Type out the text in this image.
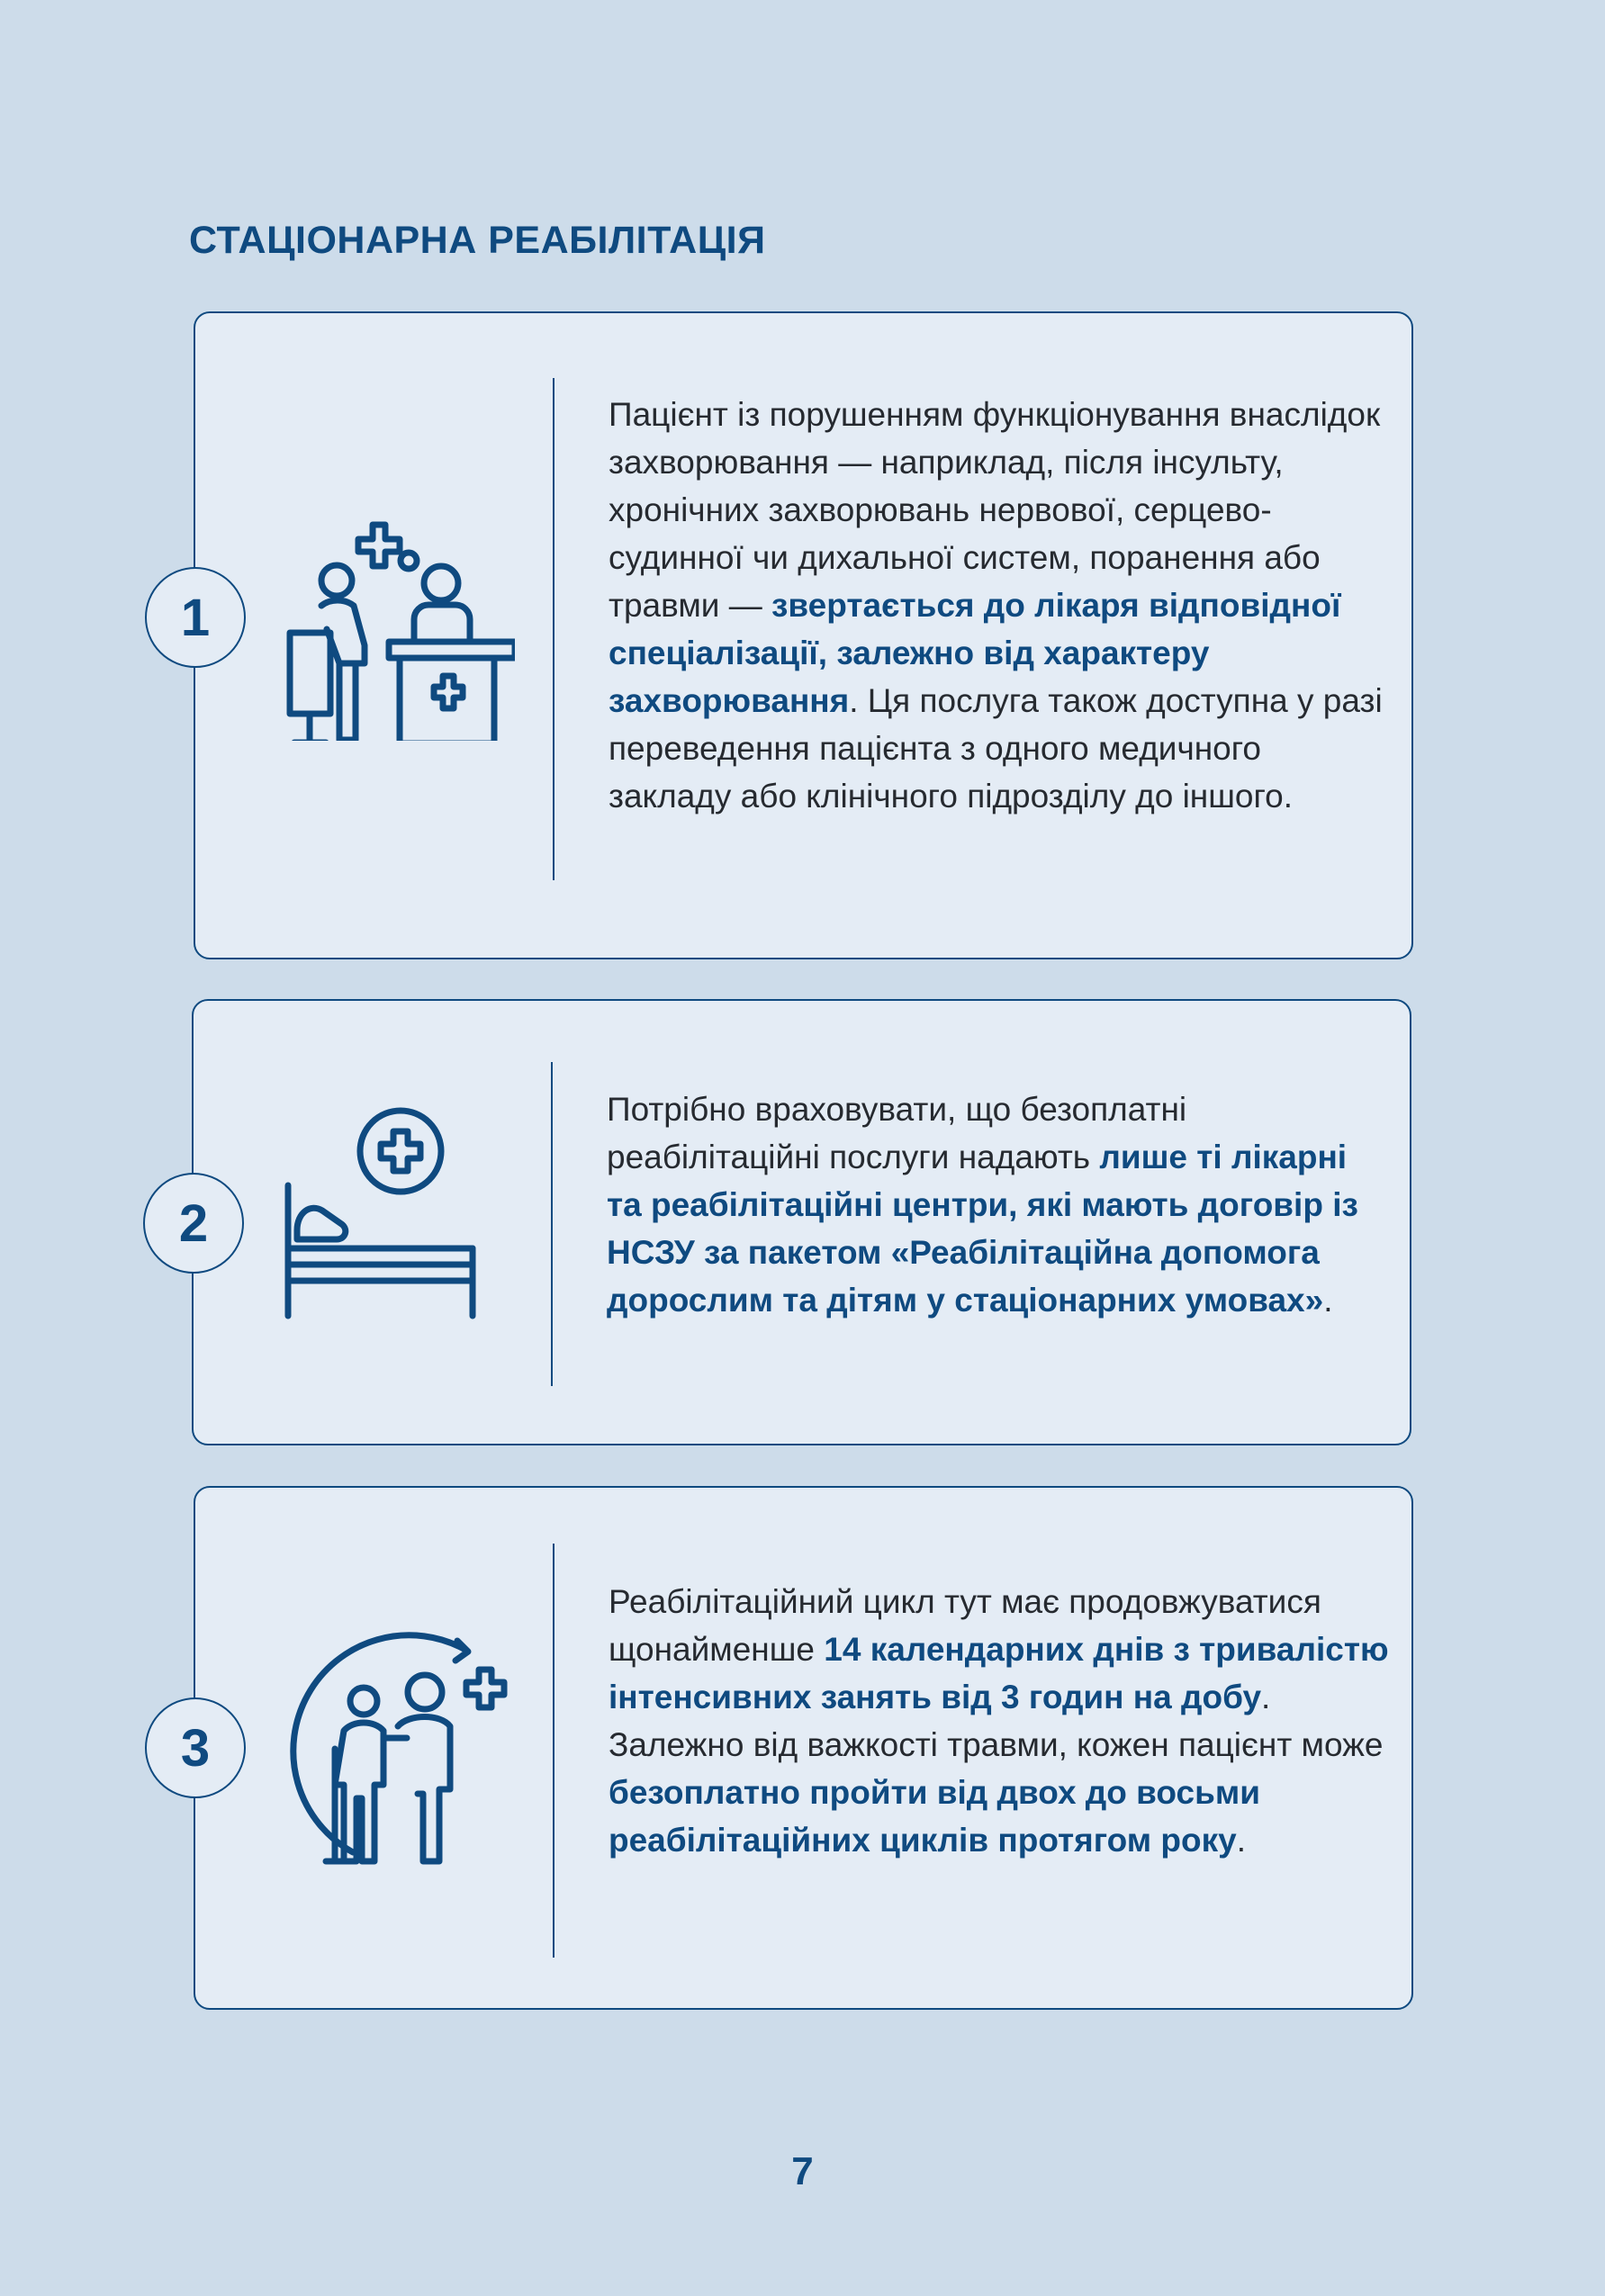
СТАЦІОНАРНА РЕАБІЛІТАЦІЯ
1
Пацієнт із порушенням функціонування внаслідок захворювання — наприклад, після інсульту, хронічних захворювань нервової, серцево-судинної чи дихальної систем, поранення або травми — звертається до лікаря відповідної спеціалізації, залежно від характеру захворювання. Ця послуга також доступна у разі переведення пацієнта з одного медичного закладу або клінічного підрозділу до іншого.
2
Потрібно враховувати, що безоплатні реабілітаційні послуги надають лише ті лікарні та реабілітаційні центри, які мають договір із НСЗУ за пакетом «Реабілітаційна допомога дорослим та дітям у стаціонарних умовах».
3
Реабілітаційний цикл тут має продовжуватися щонайменше 14 календарних днів з тривалістю інтенсивних занять від 3 годин на добу. Залежно від важкості травми, кожен пацієнт може безоплатно пройти від двох до восьми реабілітаційних циклів протягом року.
7
